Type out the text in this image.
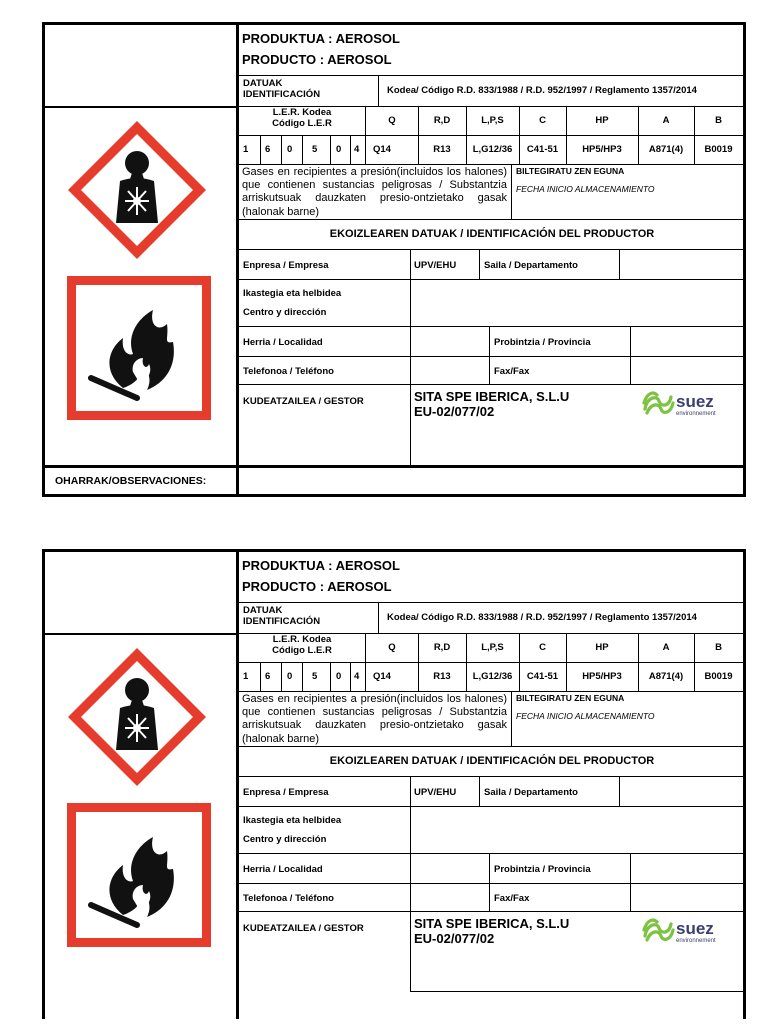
PRODUKTUA : AEROSOL
PRODUCTO : AEROSOL
DATUAK
IDENTIFICACIÓN	Kodea/ Código R.D. 833/1988 / R.D. 952/1997 / Reglamento 1357/2014
L.E.R. Kodea
Código L.E.R	Q	R,D	L,P,S	C	HP	A	B
1 6 0 5 0 4 Q14	R13	L,G12/36	C41-51	HP5/HP3	A871(4)	B0019
Gases en recipientes a presión(incluidos los halones) que contienen sustancias peligrosas / Substantzia arriskutsuak dauzkaten presio-ontzietako gasak (halonak barne)
BILTEGIRATU ZEN EGUNA
FECHA INICIO ALMACENAMIENTO
EKOIZLEAREN DATUAK / IDENTIFICACIÓN DEL PRODUCTOR
Enpresa / Empresa	UPV/EHU	Saila / Departamento
Ikastegia eta helbidea
Centro y dirección
Herria / Localidad	Probintzia / Provincia
Telefonoa / Teléfono	Fax/Fax
KUDEATZAILEA / GESTOR	SITA SPE IBERICA, S.L.U
EU-02/077/02
suez
environnement
OHARRAK/OBSERVACIONES:
PRODUKTUA : AEROSOL
PRODUCTO : AEROSOL
DATUAK
IDENTIFICACIÓN	Kodea/ Código R.D. 833/1988 / R.D. 952/1997 / Reglamento 1357/2014
L.E.R. Kodea
Código L.E.R	Q	R,D	L,P,S	C	HP	A	B
1 6 0 5 0 4 Q14	R13	L,G12/36	C41-51	HP5/HP3	A871(4)	B0019
Gases en recipientes a presión(incluidos los halones) que contienen sustancias peligrosas / Substantzia arriskutsuak dauzkaten presio-ontzietako gasak (halonak barne)
BILTEGIRATU ZEN EGUNA
FECHA INICIO ALMACENAMIENTO
EKOIZLEAREN DATUAK / IDENTIFICACIÓN DEL PRODUCTOR
Enpresa / Empresa	UPV/EHU	Saila / Departamento
Ikastegia eta helbidea
Centro y dirección
Herria / Localidad	Probintzia / Provincia
Telefonoa / Teléfono	Fax/Fax
KUDEATZAILEA / GESTOR	SITA SPE IBERICA, S.L.U
EU-02/077/02
suez
environnement
